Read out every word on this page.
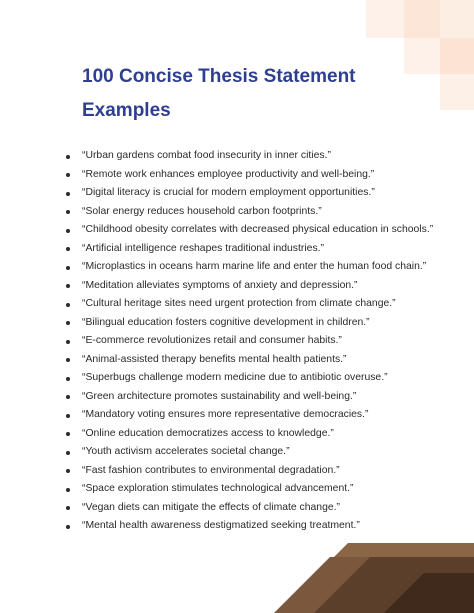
100 Concise Thesis Statement Examples
“Urban gardens combat food insecurity in inner cities.”
“Remote work enhances employee productivity and well-being.”
“Digital literacy is crucial for modern employment opportunities.”
“Solar energy reduces household carbon footprints.”
“Childhood obesity correlates with decreased physical education in schools.”
“Artificial intelligence reshapes traditional industries.”
“Microplastics in oceans harm marine life and enter the human food chain.”
“Meditation alleviates symptoms of anxiety and depression.”
“Cultural heritage sites need urgent protection from climate change.”
“Bilingual education fosters cognitive development in children.”
“E-commerce revolutionizes retail and consumer habits.”
“Animal-assisted therapy benefits mental health patients.”
“Superbugs challenge modern medicine due to antibiotic overuse.”
“Green architecture promotes sustainability and well-being.”
“Mandatory voting ensures more representative democracies.”
“Online education democratizes access to knowledge.”
“Youth activism accelerates societal change.”
“Fast fashion contributes to environmental degradation.”
“Space exploration stimulates technological advancement.”
“Vegan diets can mitigate the effects of climate change.”
“Mental health awareness destigmatized seeking treatment.”
